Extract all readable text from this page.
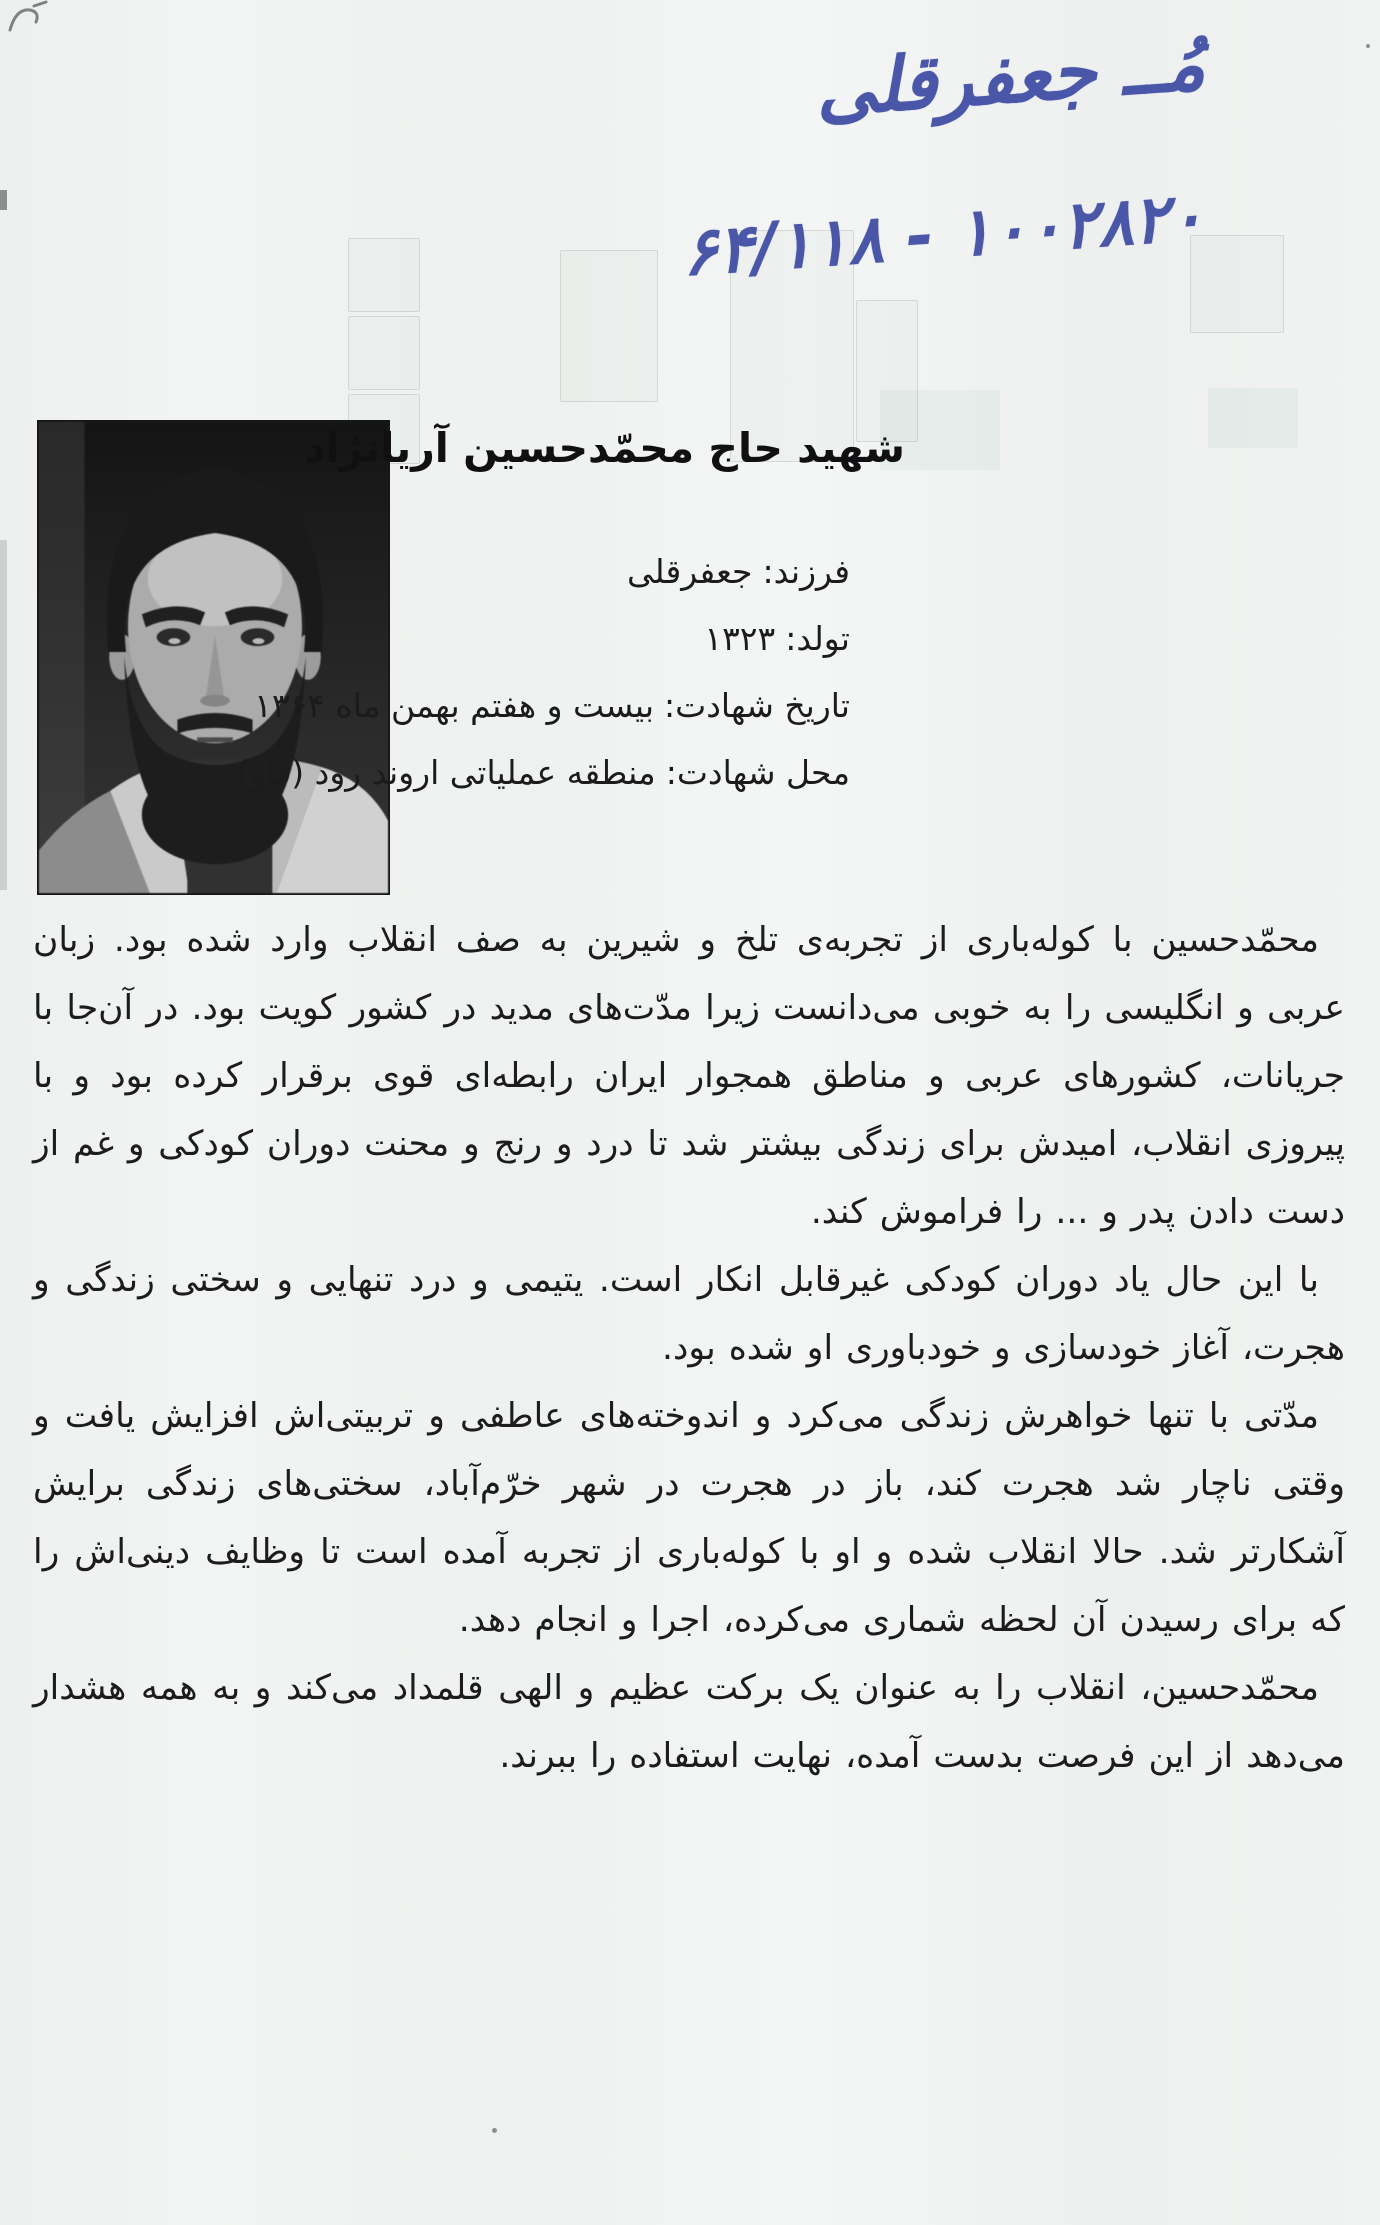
مُــ جعفرقلی
۶۴/۱۱۸ - ۱۰۰۲۸۲۰
شهید حاج محمّدحسین آریانژاد
فرزند:جعفرقلی
تولد:۱۳۲۳
تاریخ شهادت:بیست و هفتم بهمن ماه ۱۳۶۴
محل شهادت:منطقه عملیاتی اروند رود (فاو)

محمّدحسین با کوله‌باری از تجربه‌ی تلخ و شیرین به صف انقلاب وارد شده بود. زبان عربی و انگلیسی را به خوبی می‌دانست زیرا مدّت‌های مدید در کشور کویت بود. در آن‌جا با جریانات، کشورهای عربی و مناطق همجوار ایران رابطه‌ای قوی برقرار کرده بود و با پیروزی انقلاب، امیدش برای زندگی بیشتر شد تا درد و رنج و محنت دوران کودکی و غم از دست دادن پدر و ... را فراموش کند.

با این حال یاد دوران کودکی غیرقابل انکار است. یتیمی و درد تنهایی و سختی زندگی و هجرت، آغاز خودسازی و خودباوری او شده بود.

مدّتی با تنها خواهرش زندگی می‌کرد و اندوخته‌های عاطفی و تربیتی‌اش افزایش یافت و وقتی ناچار شد هجرت کند، باز در هجرت در شهر خرّم‌آباد، سختی‌های زندگی برایش آشکارتر شد. حالا انقلاب شده و او با کوله‌باری از تجربه آمده است تا وظایف دینی‌اش را که برای رسیدن آن لحظه شماری می‌کرده، اجرا و انجام دهد.

محمّدحسین، انقلاب را به عنوان یک برکت عظیم و الهی قلمداد می‌کند و به همه هشدار می‌دهد از این فرصت بدست آمده، نهایت استفاده را ببرند.
